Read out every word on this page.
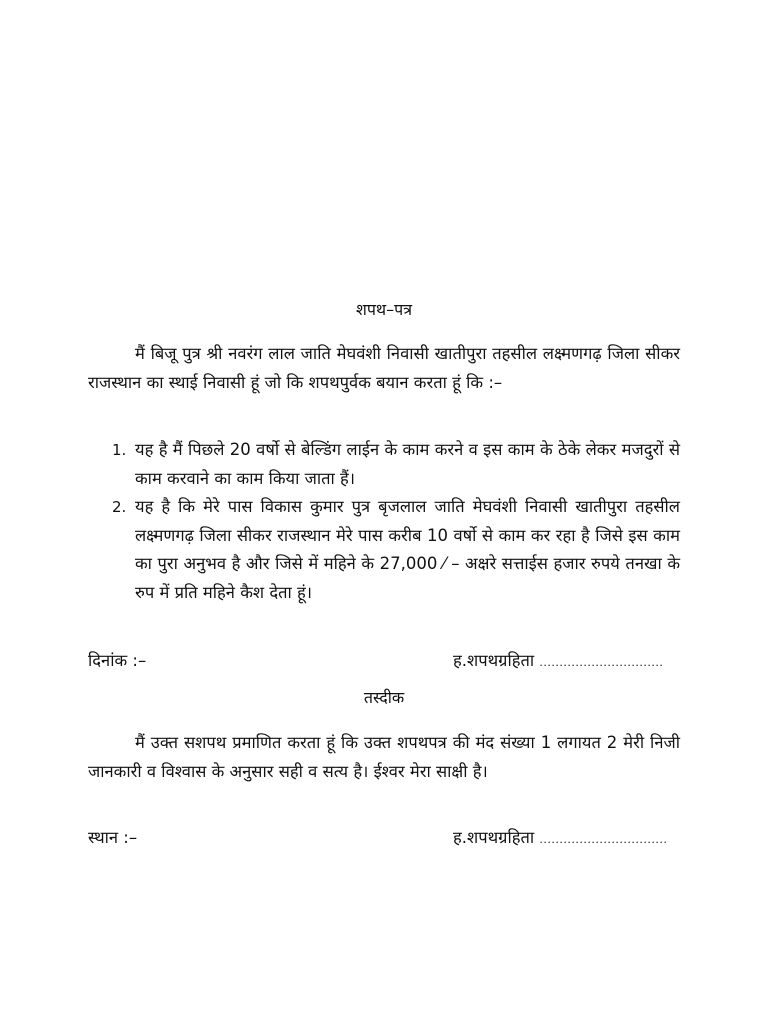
शपथ–पत्र
मैं बिजू पुत्र श्री नवरंग लाल जाति मेघवंशी निवासी खातीपुरा तहसील लक्ष्मणगढ़ जिला सीकर राजस्थान का स्थाई निवासी हूं जो कि शपथपुर्वक बयान करता हूं कि :–
1. यह है मैं पिछले 20 वर्षो से बेल्डिंग लाईन के काम करने व इस काम के ठेके लेकर मजदुरों से काम करवाने का काम किया जाता हैं।
2. यह है कि मेरे पास विकास कुमार पुत्र बृजलाल जाति मेघवंशी निवासी खातीपुरा तहसील लक्ष्मणगढ़ जिला सीकर राजस्थान मेरे पास करीब 10 वर्षो से काम कर रहा है जिसे इस काम का पुरा अनुभव है और जिसे में महिने के 27,000 ⁄ – अक्षरे सत्ताईस हजार रुपये तनखा के रुप में प्रति महिने कैश देता हूं।
दिनांक :–	ह.शपथग्रहिता ...............................
तस्दीक
मैं उक्त सशपथ प्रमाणित करता हूं कि उक्त शपथपत्र की मंद संख्या 1 लगायत 2 मेरी निजी जानकारी व विश्वास के अनुसार सही व सत्य है। ईश्वर मेरा साक्षी है।
स्थान :–	ह.शपथग्रहिता ................................
